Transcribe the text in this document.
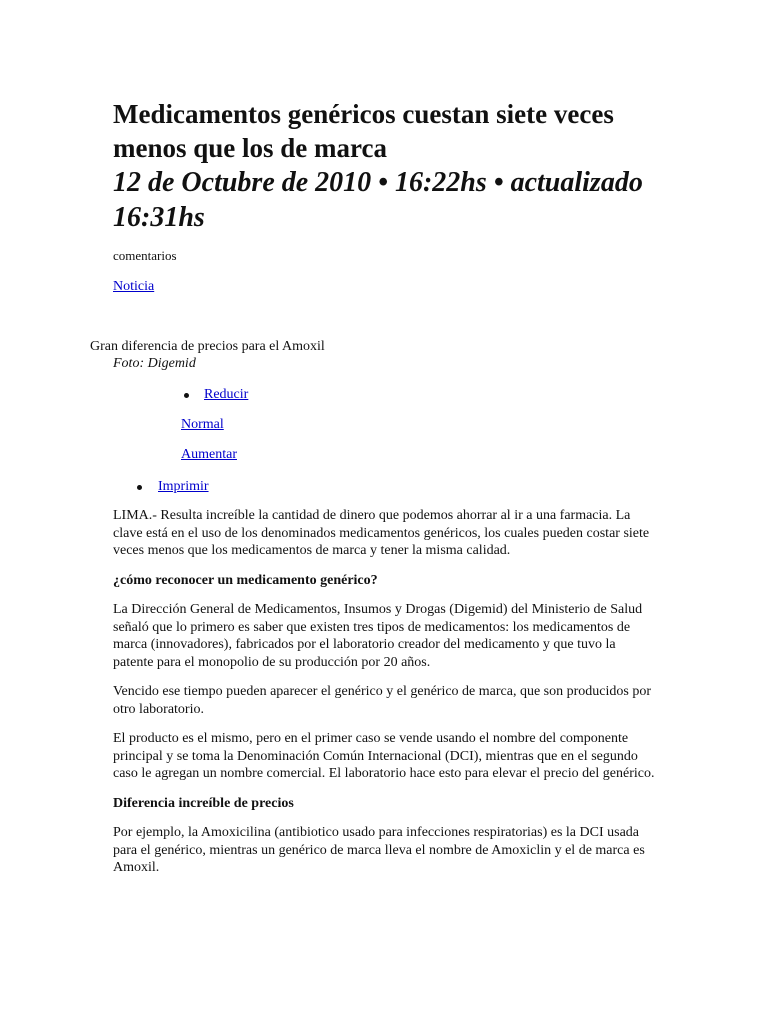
Medicamentos genéricos cuestan siete veces menos que los de marca
12 de Octubre de 2010 • 16:22hs • actualizado 16:31hs
comentarios
Noticia
Gran diferencia de precios para el Amoxil
Foto: Digemid
Reducir
Normal
Aumentar
Imprimir

LIMA.- Resulta increíble la cantidad de dinero que podemos ahorrar al ir a una farmacia. La clave está en el uso de los denominados medicamentos genéricos, los cuales pueden costar siete veces menos que los medicamentos de marca y tener la misma calidad.

¿cómo reconocer un medicamento genérico?

La Dirección General de Medicamentos, Insumos y Drogas (Digemid) del Ministerio de Salud señaló que lo primero es saber que existen tres tipos de medicamentos: los medicamentos de marca (innovadores), fabricados por el laboratorio creador del medicamento y que tuvo la patente para el monopolio de su producción por 20 años.

Vencido ese tiempo pueden aparecer el genérico y el genérico de marca, que son producidos por otro laboratorio.

El producto es el mismo, pero en el primer caso se vende usando el nombre del componente principal y se toma la Denominación Común Internacional (DCI), mientras que en el segundo caso le agregan un nombre comercial. El laboratorio hace esto para elevar el precio del genérico.

Diferencia increíble de precios

Por ejemplo, la Amoxicilina (antibiotico usado para infecciones respiratorias) es la DCI usada para el genérico, mientras un genérico de marca lleva el nombre de Amoxiclin y el de marca es Amoxil.
